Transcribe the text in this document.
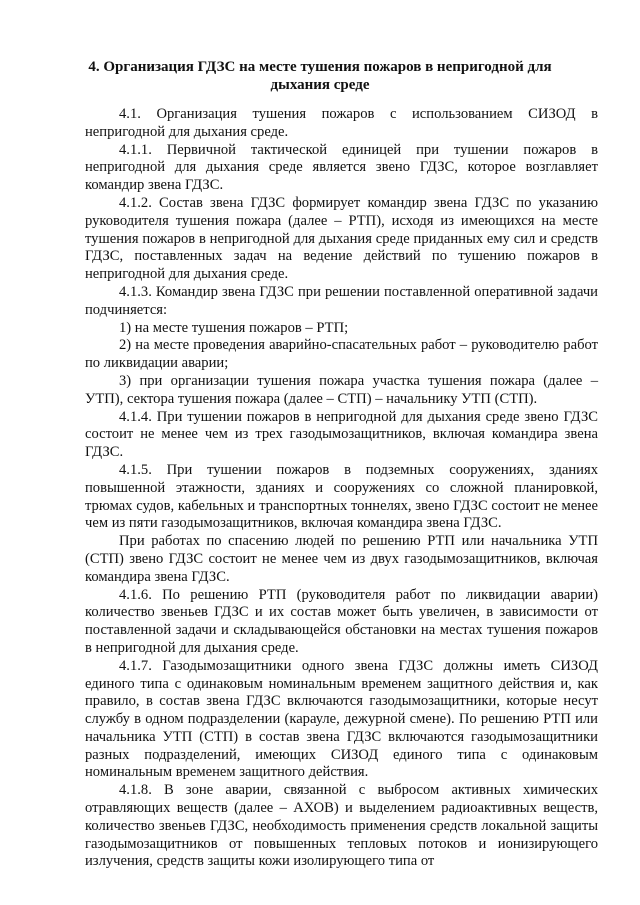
4. Организация ГДЗС на месте тушения пожаров в непригодной для дыхания среде

4.1. Организация тушения пожаров с использованием СИЗОД в непригодной для дыхания среде.

4.1.1. Первичной тактической единицей при тушении пожаров в непригодной для дыхания среде является звено ГДЗС, которое возглавляет командир звена ГДЗС.

4.1.2. Состав звена ГДЗС формирует командир звена ГДЗС по указанию руководителя тушения пожара (далее – РТП), исходя из имеющихся на месте тушения пожаров в непригодной для дыхания среде приданных ему сил и средств ГДЗС, поставленных задач на ведение действий по тушению пожаров в непригодной для дыхания среде.

4.1.3. Командир звена ГДЗС при решении поставленной оперативной задачи подчиняется:

1) на месте тушения пожаров – РТП;

2) на месте проведения аварийно-спасательных работ – руководителю работ по ликвидации аварии;

3) при организации тушения пожара участка тушения пожара (далее – УТП), сектора тушения пожара (далее – СТП) – начальнику УТП (СТП).

4.1.4. При тушении пожаров в непригодной для дыхания среде звено ГДЗС состоит не менее чем из трех газодымозащитников, включая командира звена ГДЗС.

4.1.5. При тушении пожаров в подземных сооружениях, зданиях повышенной этажности, зданиях и сооружениях со сложной планировкой, трюмах судов, кабельных и транспортных тоннелях, звено ГДЗС состоит не менее чем из пяти газодымозащитников, включая командира звена ГДЗС.

При работах по спасению людей по решению РТП или начальника УТП (СТП) звено ГДЗС состоит не менее чем из двух газодымозащитников, включая командира звена ГДЗС.

4.1.6. По решению РТП (руководителя работ по ликвидации аварии) количество звеньев ГДЗС и их состав может быть увеличен, в зависимости от поставленной задачи и складывающейся обстановки на местах тушения пожаров в непригодной для дыхания среде.

4.1.7. Газодымозащитники одного звена ГДЗС должны иметь СИЗОД единого типа с одинаковым номинальным временем защитного действия и, как правило, в состав звена ГДЗС включаются газодымозащитники, которые несут службу в одном подразделении (карауле, дежурной смене). По решению РТП или начальника УТП (СТП) в состав звена ГДЗС включаются газодымозащитники разных подразделений, имеющих СИЗОД единого типа с одинаковым номинальным временем защитного действия.

4.1.8. В зоне аварии, связанной с выбросом активных химических отравляющих веществ (далее – АХОВ) и выделением радиоактивных веществ, количество звеньев ГДЗС, необходимость применения средств локальной защиты газодымозащитников от повышенных тепловых потоков и ионизирующего излучения, средств защиты кожи изолирующего типа от
